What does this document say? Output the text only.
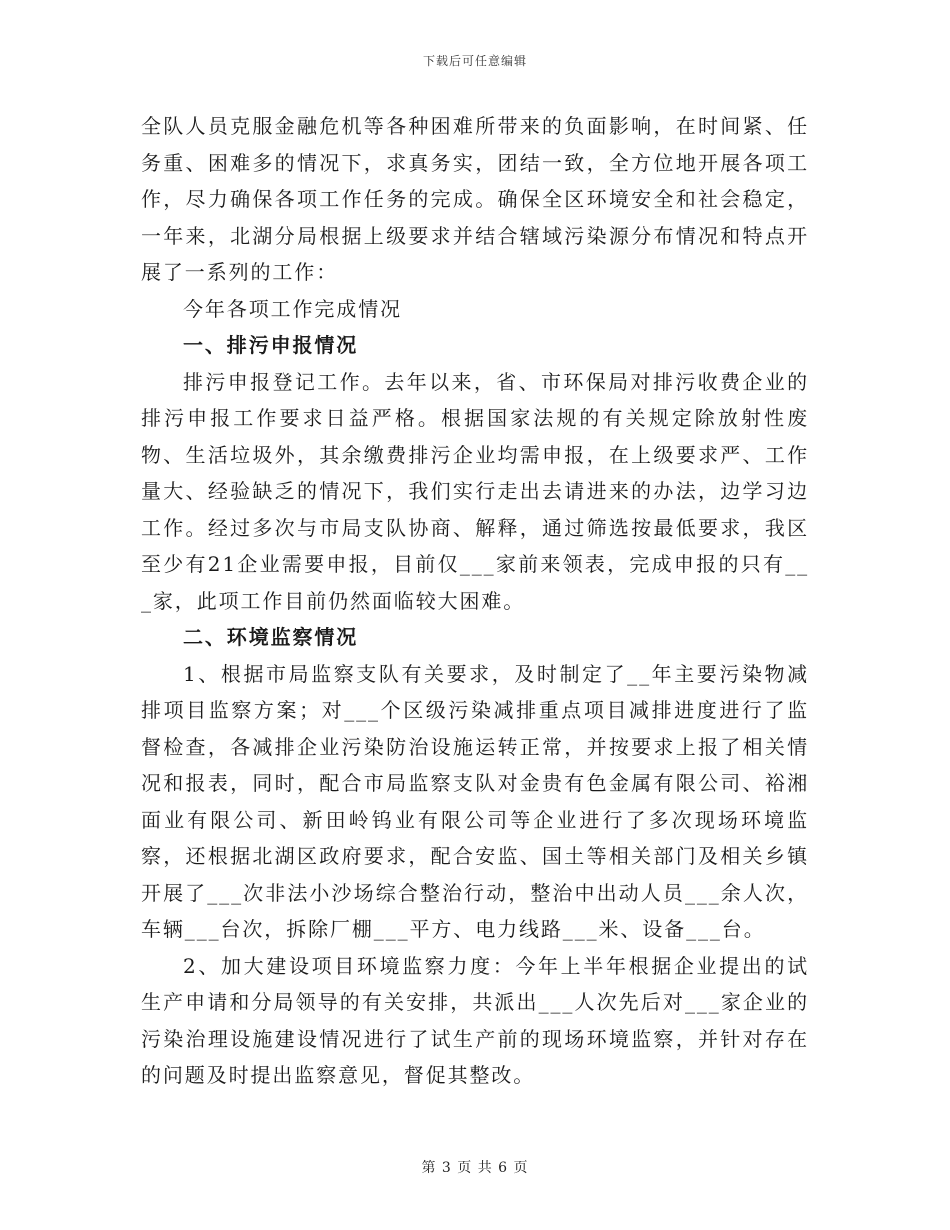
下载后可任意编辑

全队人员克服金融危机等各种困难所带来的负面影响，在时间紧、任务重、困难多的情况下，求真务实，团结一致，全方位地开展各项工作，尽力确保各项工作任务的完成。确保全区环境安全和社会稳定，一年来，北湖分局根据上级要求并结合辖域污染源分布情况和特点开展了一系列的工作：

今年各项工作完成情况

一、排污申报情况

排污申报登记工作。去年以来，省、市环保局对排污收费企业的排污申报工作要求日益严格。根据国家法规的有关规定除放射性废物、生活垃圾外，其余缴费排污企业均需申报，在上级要求严、工作量大、经验缺乏的情况下，我们实行走出去请进来的办法，边学习边工作。经过多次与市局支队协商、解释，通过筛选按最低要求，我区至少有21企业需要申报，目前仅___家前来领表，完成申报的只有___家，此项工作目前仍然面临较大困难。

二、环境监察情况

1、根据市局监察支队有关要求，及时制定了__年主要污染物减排项目监察方案；对___个区级污染减排重点项目减排进度进行了监督检查，各减排企业污染防治设施运转正常，并按要求上报了相关情况和报表，同时，配合市局监察支队对金贵有色金属有限公司、裕湘面业有限公司、新田岭钨业有限公司等企业进行了多次现场环境监察，还根据北湖区政府要求，配合安监、国土等相关部门及相关乡镇开展了___次非法小沙场综合整治行动，整治中出动人员___余人次，车辆___台次，拆除厂棚___平方、电力线路___米、设备___台。

2、加大建设项目环境监察力度：今年上半年根据企业提出的试生产申请和分局领导的有关安排，共派出___人次先后对___家企业的污染治理设施建设情况进行了试生产前的现场环境监察，并针对存在的问题及时提出监察意见，督促其整改。

第 3 页 共 6 页
